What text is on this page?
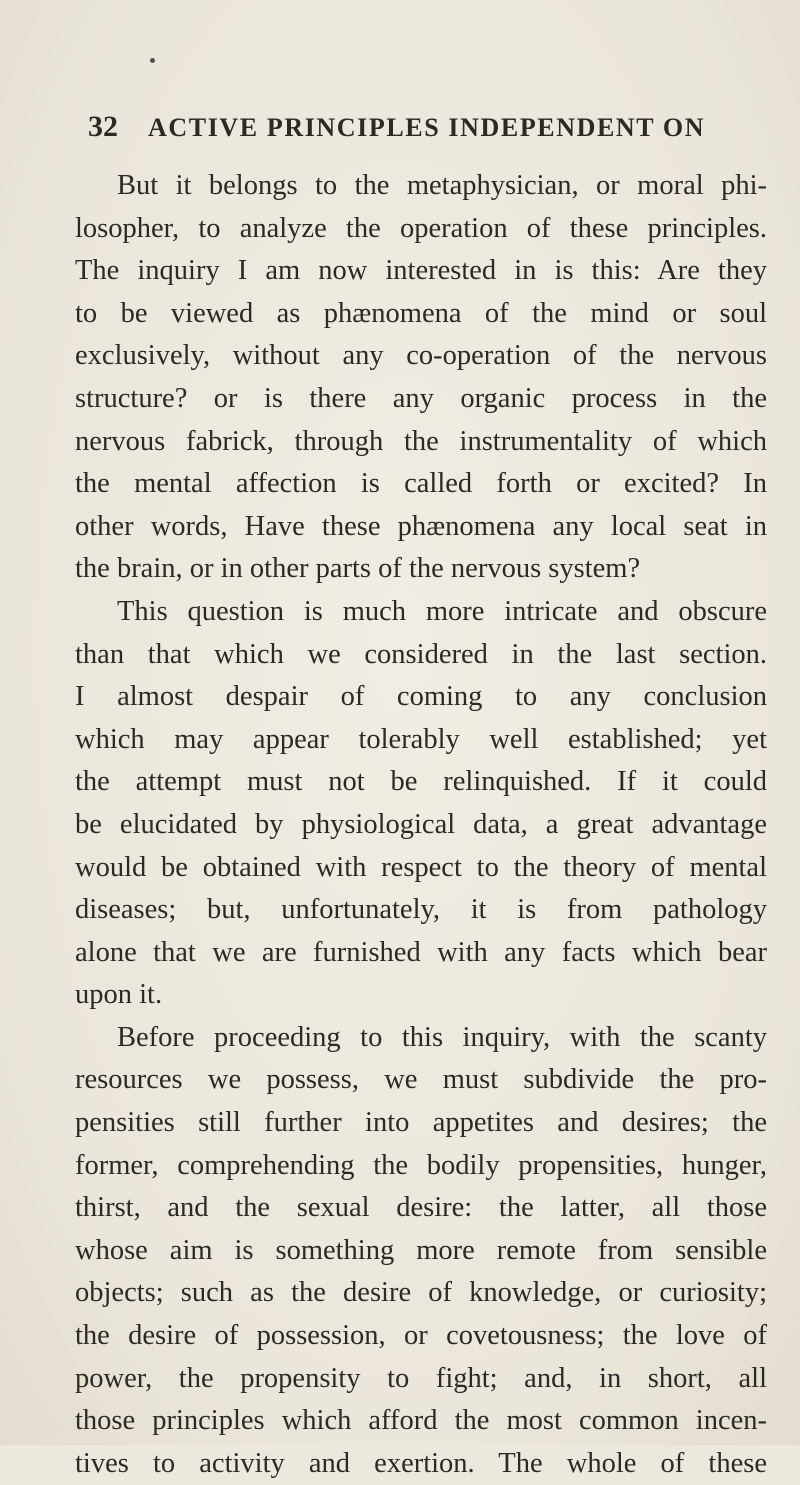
32 ACTIVE PRINCIPLES INDEPENDENT ON
But it belongs to the metaphysician, or moral phi-
losopher, to analyze the operation of these principles.
The inquiry I am now interested in is this: Are they
to be viewed as phænomena of the mind or soul
exclusively, without any co-operation of the nervous
structure? or is there any organic process in the
nervous fabrick, through the instrumentality of which
the mental affection is called forth or excited? In
other words, Have these phænomena any local seat in
the brain, or in other parts of the nervous system?
This question is much more intricate and obscure
than that which we considered in the last section.
I almost despair of coming to any conclusion
which may appear tolerably well established; yet
the attempt must not be relinquished. If it could
be elucidated by physiological data, a great advantage
would be obtained with respect to the theory of mental
diseases; but, unfortunately, it is from pathology
alone that we are furnished with any facts which bear
upon it.
Before proceeding to this inquiry, with the scanty
resources we possess, we must subdivide the pro-
pensities still further into appetites and desires; the
former, comprehending the bodily propensities, hunger,
thirst, and the sexual desire: the latter, all those
whose aim is something more remote from sensible
objects; such as the desire of knowledge, or curiosity;
the desire of possession, or covetousness; the love of
power, the propensity to fight; and, in short, all
those principles which afford the most common incen-
tives to activity and exertion. The whole of these
